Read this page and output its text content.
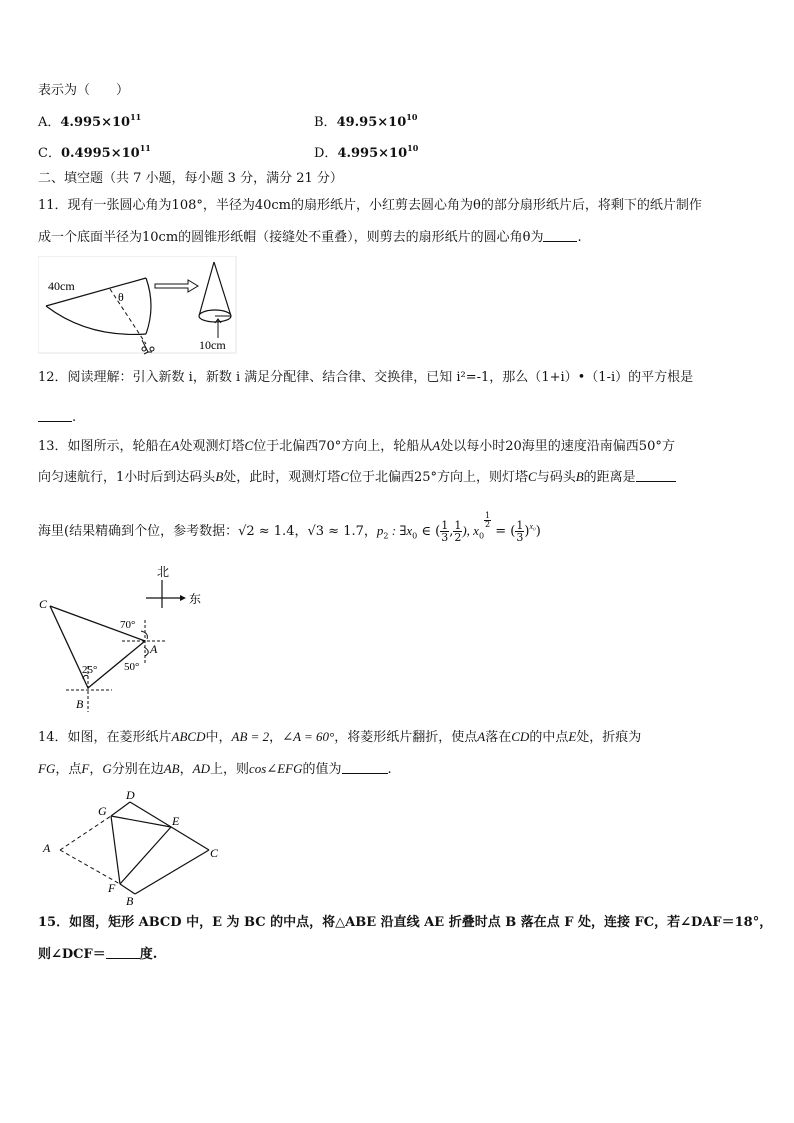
表示为（　　）
A．$4.995\times 10^{11}$	B．$49.95\times 10^{10}$
C．$0.4995\times 10^{11}$	D．$4.995\times 10^{10}$
二、填空题（共 7 小题，每小题 3 分，满分 21 分）
11．现有一张圆心角为108°，半径为40cm的扇形纸片，小红剪去圆心角为θ的部分扇形纸片后，将剩下的纸片制作
成一个底面半径为10cm的圆锥形纸帽（接缝处不重叠），则剪去的扇形纸片的圆心角θ为	.
40cm
θ
10cm
12．阅读理解：引入新数 i，新数 i 满足分配律、结合律、交换律，已知 i²=-1，那么（1+i）•（1-i）的平方根是
.
13．如图所示，轮船在A处观测灯塔C位于北偏西70°方向上，轮船从A处以每小时20海里的速度沿南偏西50°方
向匀速航行，1小时后到达码头B处，此时，观测灯塔C位于北偏西25°方向上，则灯塔C与码头B的距离是
海里(结果精确到个位，参考数据：√2 ≈ 1.4，√3 ≈ 1.7，$p_2$ : $\exists x_0$ ∈ ( $\frac{1}{3}$ , $\frac{1}{2}$ ), $x_0$
$\frac{1}{2}$
= ( $\frac{1}{3} )^{x_0}$)
北
东
C
A
B
70°
50°
25°
14．如图，在菱形纸片ABCD中，AB = 2，∠A = 60°，将菱形纸片翻折，使点A落在CD的中点E处，折痕为
FG，点F，G分别在边AB，AD上，则cos∠EFG的值为	.
D
G
E
A	C
F
B
15．如图，矩形 ABCD 中，E 为 BC 的中点，将△ABE 沿直线 AE 折叠时点 B 落在点 F 处，连接 FC，若∠DAF＝18°，
则∠DCF＝	度.
